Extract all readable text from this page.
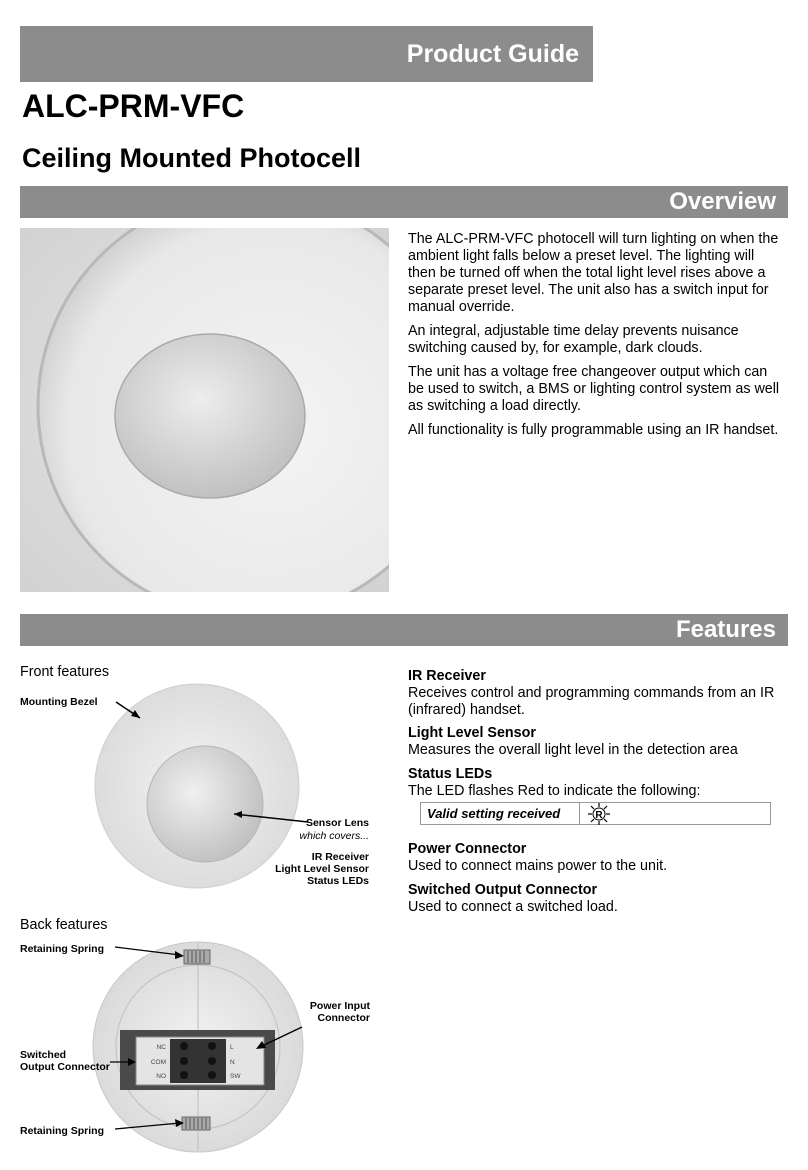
Product Guide
ALC-PRM-VFC
Ceiling Mounted Photocell
Overview

The ALC-PRM-VFC photocell will turn lighting on when the ambient light falls below a preset level. The lighting will then be turned off when the total light level rises above a separate preset level. The unit also has a switch input for manual override.

An integral, adjustable time delay prevents nuisance switching caused by, for example, dark clouds.

The unit has a voltage free changeover output which can be used to switch, a BMS or lighting control system as well as switching a load directly.

All functionality is fully programmable using an IR handset.

Features
Front features
Mounting Bezel
Sensor Lens
which covers...
IR Receiver
Light Level Sensor
Status LEDs
Back features
NC
COM
NO
L
N
SW
Retaining Spring
Power Input
Connector
Switched
Output Connector
Retaining Spring
IR Receiver
Receives control and programming commands from an IR (infrared) handset.
Light Level Sensor
Measures the overall light level in the detection area
Status LEDs
The LED flashes Red to indicate the following:
Valid setting received	R
Power Connector
Used to connect mains power to the unit.
Switched Output Connector
Used to connect a switched load.
